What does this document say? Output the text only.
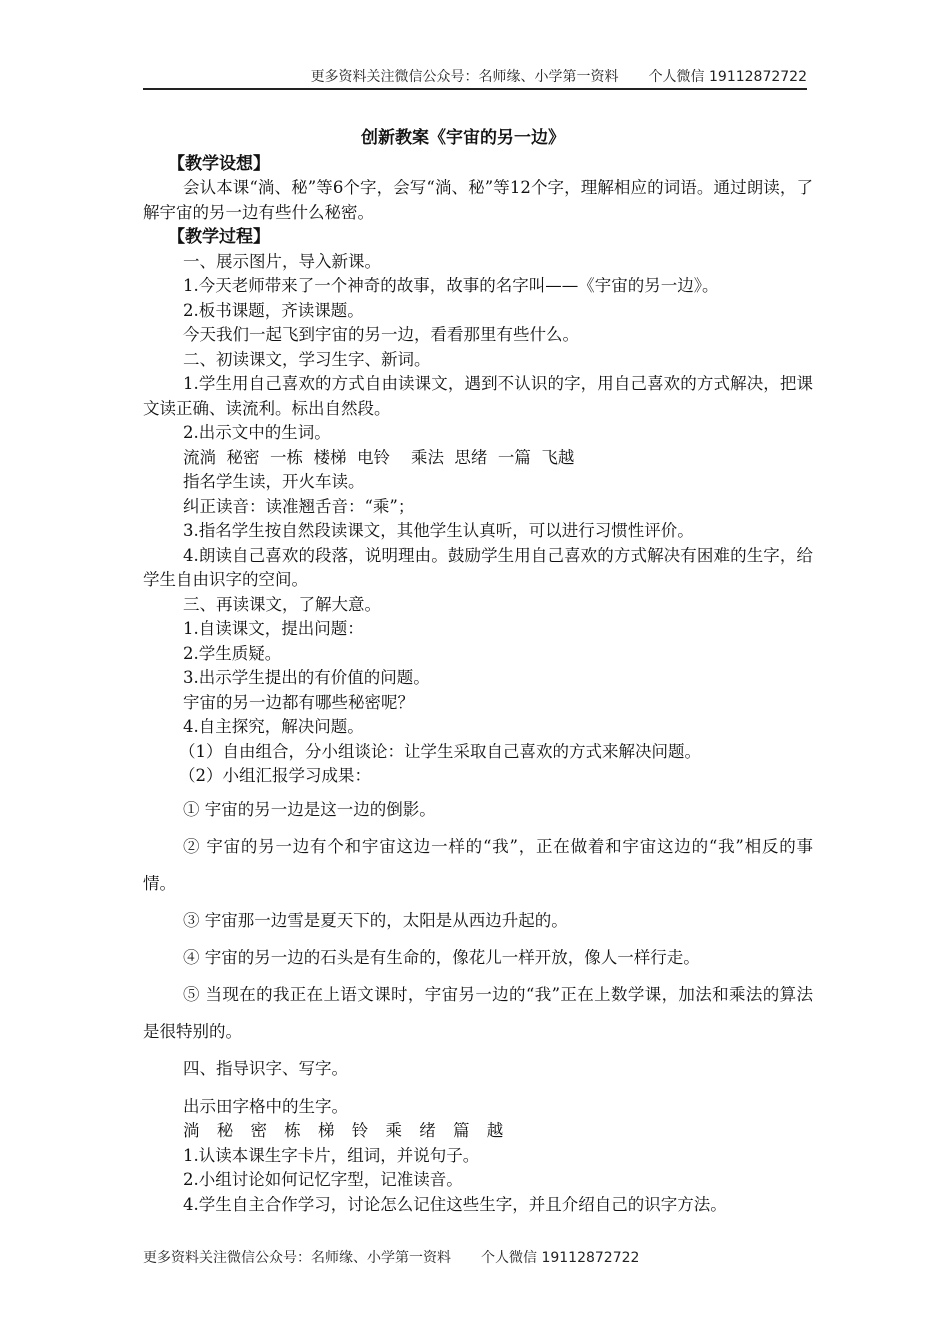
更多资料关注微信公众号：名师缘、小学第一资料 个人微信 19112872722
创新教案《宇宙的另一边》
【教学设想】

会认本课“淌、秘”等6个字，会写“淌、秘”等12个字，理解相应的词语。通过朗读，了解宇宙的另一边有些什么秘密。

【教学过程】

一、展示图片，导入新课。

1.今天老师带来了一个神奇的故事，故事的名字叫——《宇宙的另一边》。

2.板书课题，齐读课题。

今天我们一起飞到宇宙的另一边，看看那里有些什么。

二、初读课文，学习生字、新词。

1.学生用自己喜欢的方式自由读课文，遇到不认识的字，用自己喜欢的方式解决，把课文读正确、读流利。标出自然段。

2.出示文中的生词。

流淌  秘密  一栋  楼梯  电铃    乘法  思绪  一篇  飞越

指名学生读，开火车读。

纠正读音：读准翘舌音：“乘”；

3.指名学生按自然段读课文，其他学生认真听，可以进行习惯性评价。

4.朗读自己喜欢的段落，说明理由。鼓励学生用自己喜欢的方式解决有困难的生字，给学生自由识字的空间。

三、再读课文，了解大意。

1.自读课文，提出问题：

2.学生质疑。

3.出示学生提出的有价值的问题。

宇宙的另一边都有哪些秘密呢？

4.自主探究，解决问题。

（1）自由组合，分小组谈论：让学生采取自己喜欢的方式来解决问题。

（2）小组汇报学习成果：

① 宇宙的另一边是这一边的倒影。

② 宇宙的另一边有个和宇宙这边一样的“我”，正在做着和宇宙这边的“我”相反的事情。

③ 宇宙那一边雪是夏天下的，太阳是从西边升起的。

④ 宇宙的另一边的石头是有生命的，像花儿一样开放，像人一样行走。

⑤ 当现在的我正在上语文课时，宇宙另一边的“我”正在上数学课，加法和乘法的算法是很特别的。

四、指导识字、写字。

出示田字格中的生字。

淌 秘 密 栋 梯 铃 乘 绪 篇 越

1.认读本课生字卡片，组词，并说句子。

2.小组讨论如何记忆字型，记准读音。

4.学生自主合作学习，讨论怎么记住这些生字，并且介绍自己的识字方法。

更多资料关注微信公众号：名师缘、小学第一资料 个人微信 19112872722
